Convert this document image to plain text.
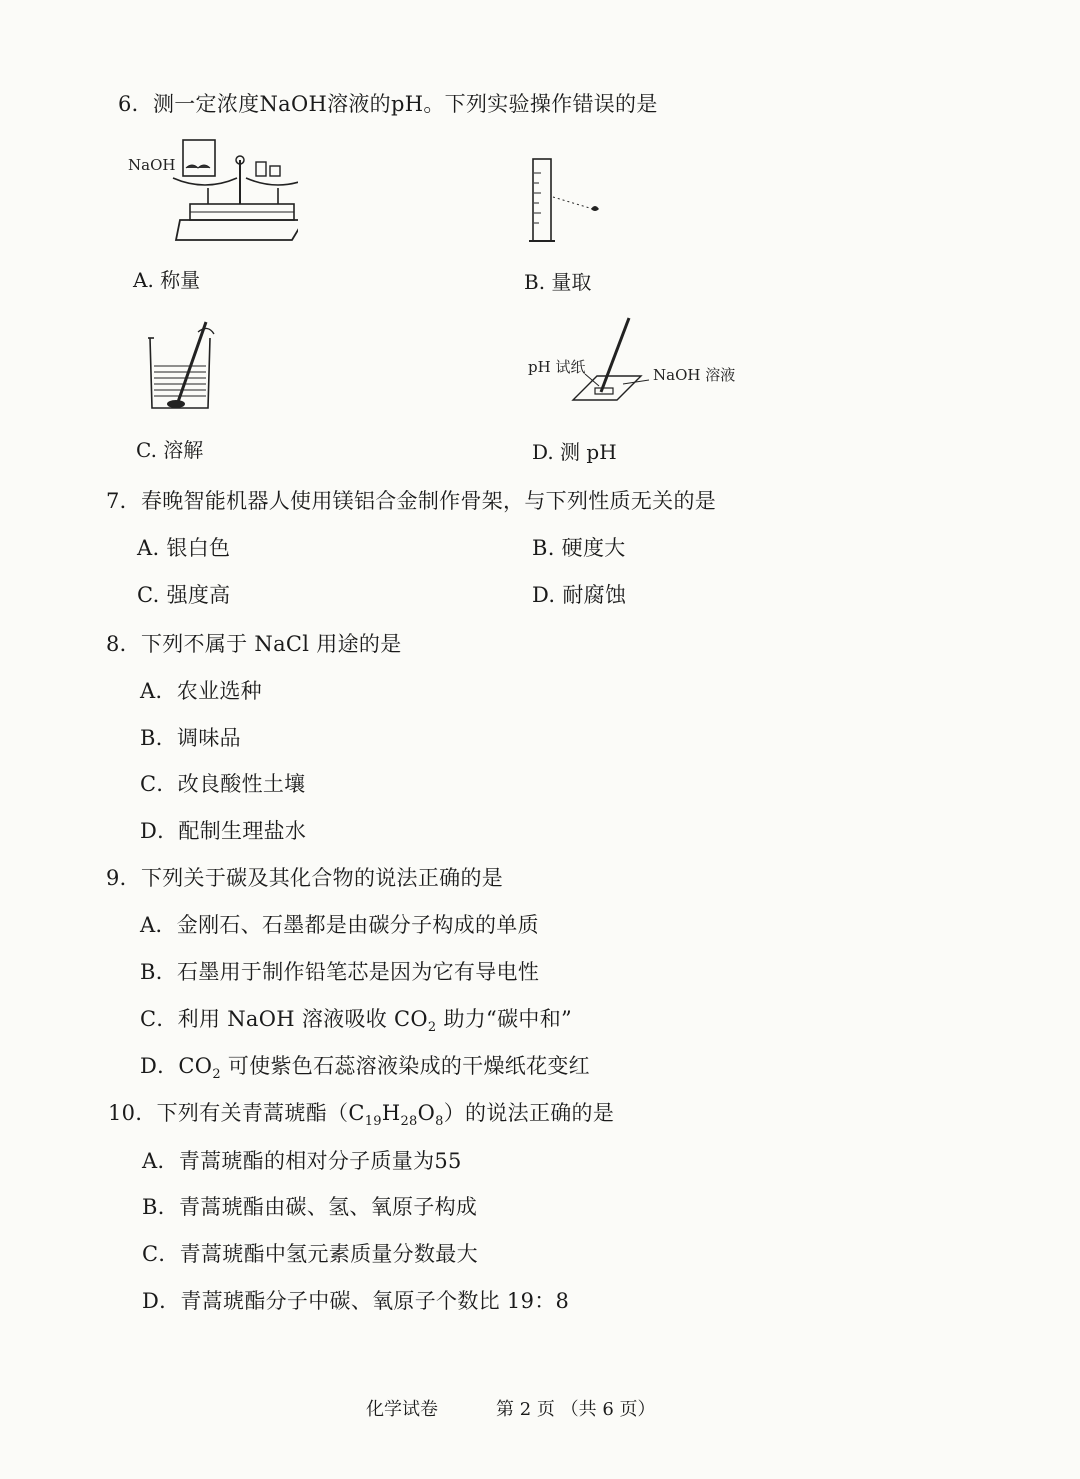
6．测一定浓度NaOH溶液的pH。下列实验操作错误的是
NaOH
A. 称量	B. 量取
C. 溶解
pH 试纸	NaOH 溶液
D. 测 pH
7．春晚智能机器人使用镁铝合金制作骨架，与下列性质无关的是
A. 银白色	B. 硬度大
C. 强度高	D. 耐腐蚀
8．下列不属于 NaCl 用途的是
A．农业选种
B．调味品
C．改良酸性土壤
D．配制生理盐水
9．下列关于碳及其化合物的说法正确的是
A．金刚石、石墨都是由碳分子构成的单质
B．石墨用于制作铅笔芯是因为它有导电性
C．利用 NaOH 溶液吸收 $CO_2$ 助力“碳中和”
D．$CO_2$ 可使紫色石蕊溶液染成的干燥纸花变红
10．下列有关青蒿琥酯$(C_{19}H_{28}O_8)$的说法正确的是
A．青蒿琥酯的相对分子质量为55
B．青蒿琥酯由碳、氢、氧原子构成
C．青蒿琥酯中氢元素质量分数最大
D．青蒿琥酯分子中碳、氧原子个数比 19：8
化学试卷	第 2 页 （共 6 页）
